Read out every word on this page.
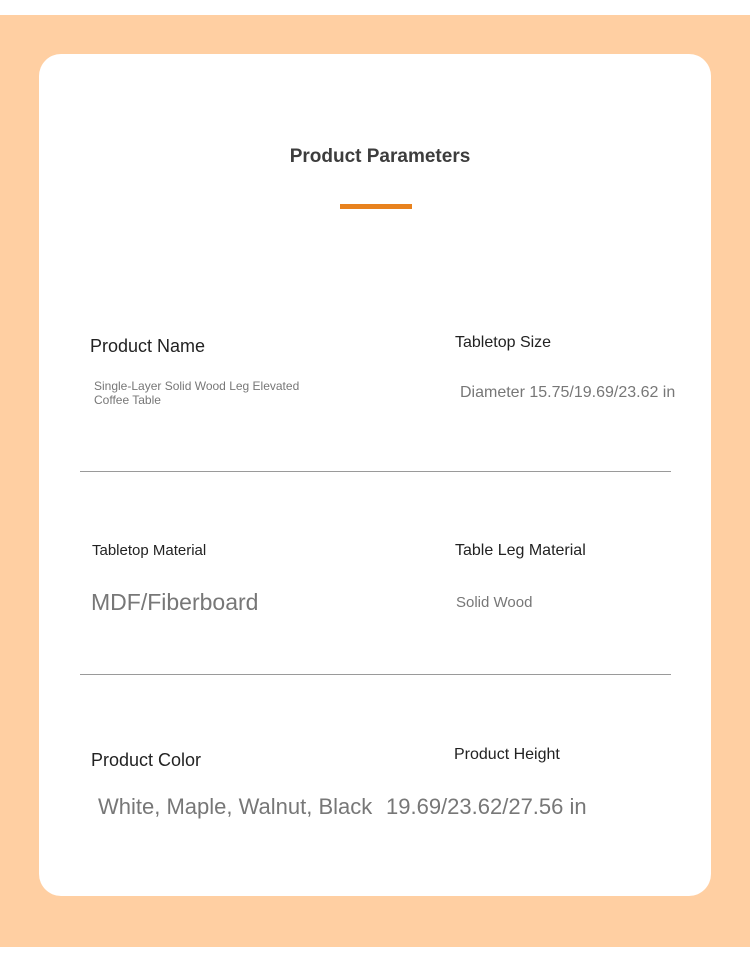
Product Parameters
Product Name
Single-Layer Solid Wood Leg Elevated
Coffee Table
Tabletop Size
Diameter 15.75/19.69/23.62 in
Tabletop Material
MDF/Fiberboard
Table Leg Material
Solid Wood
Product Color
White, Maple, Walnut, Black
Product Height
19.69/23.62/27.56 in
